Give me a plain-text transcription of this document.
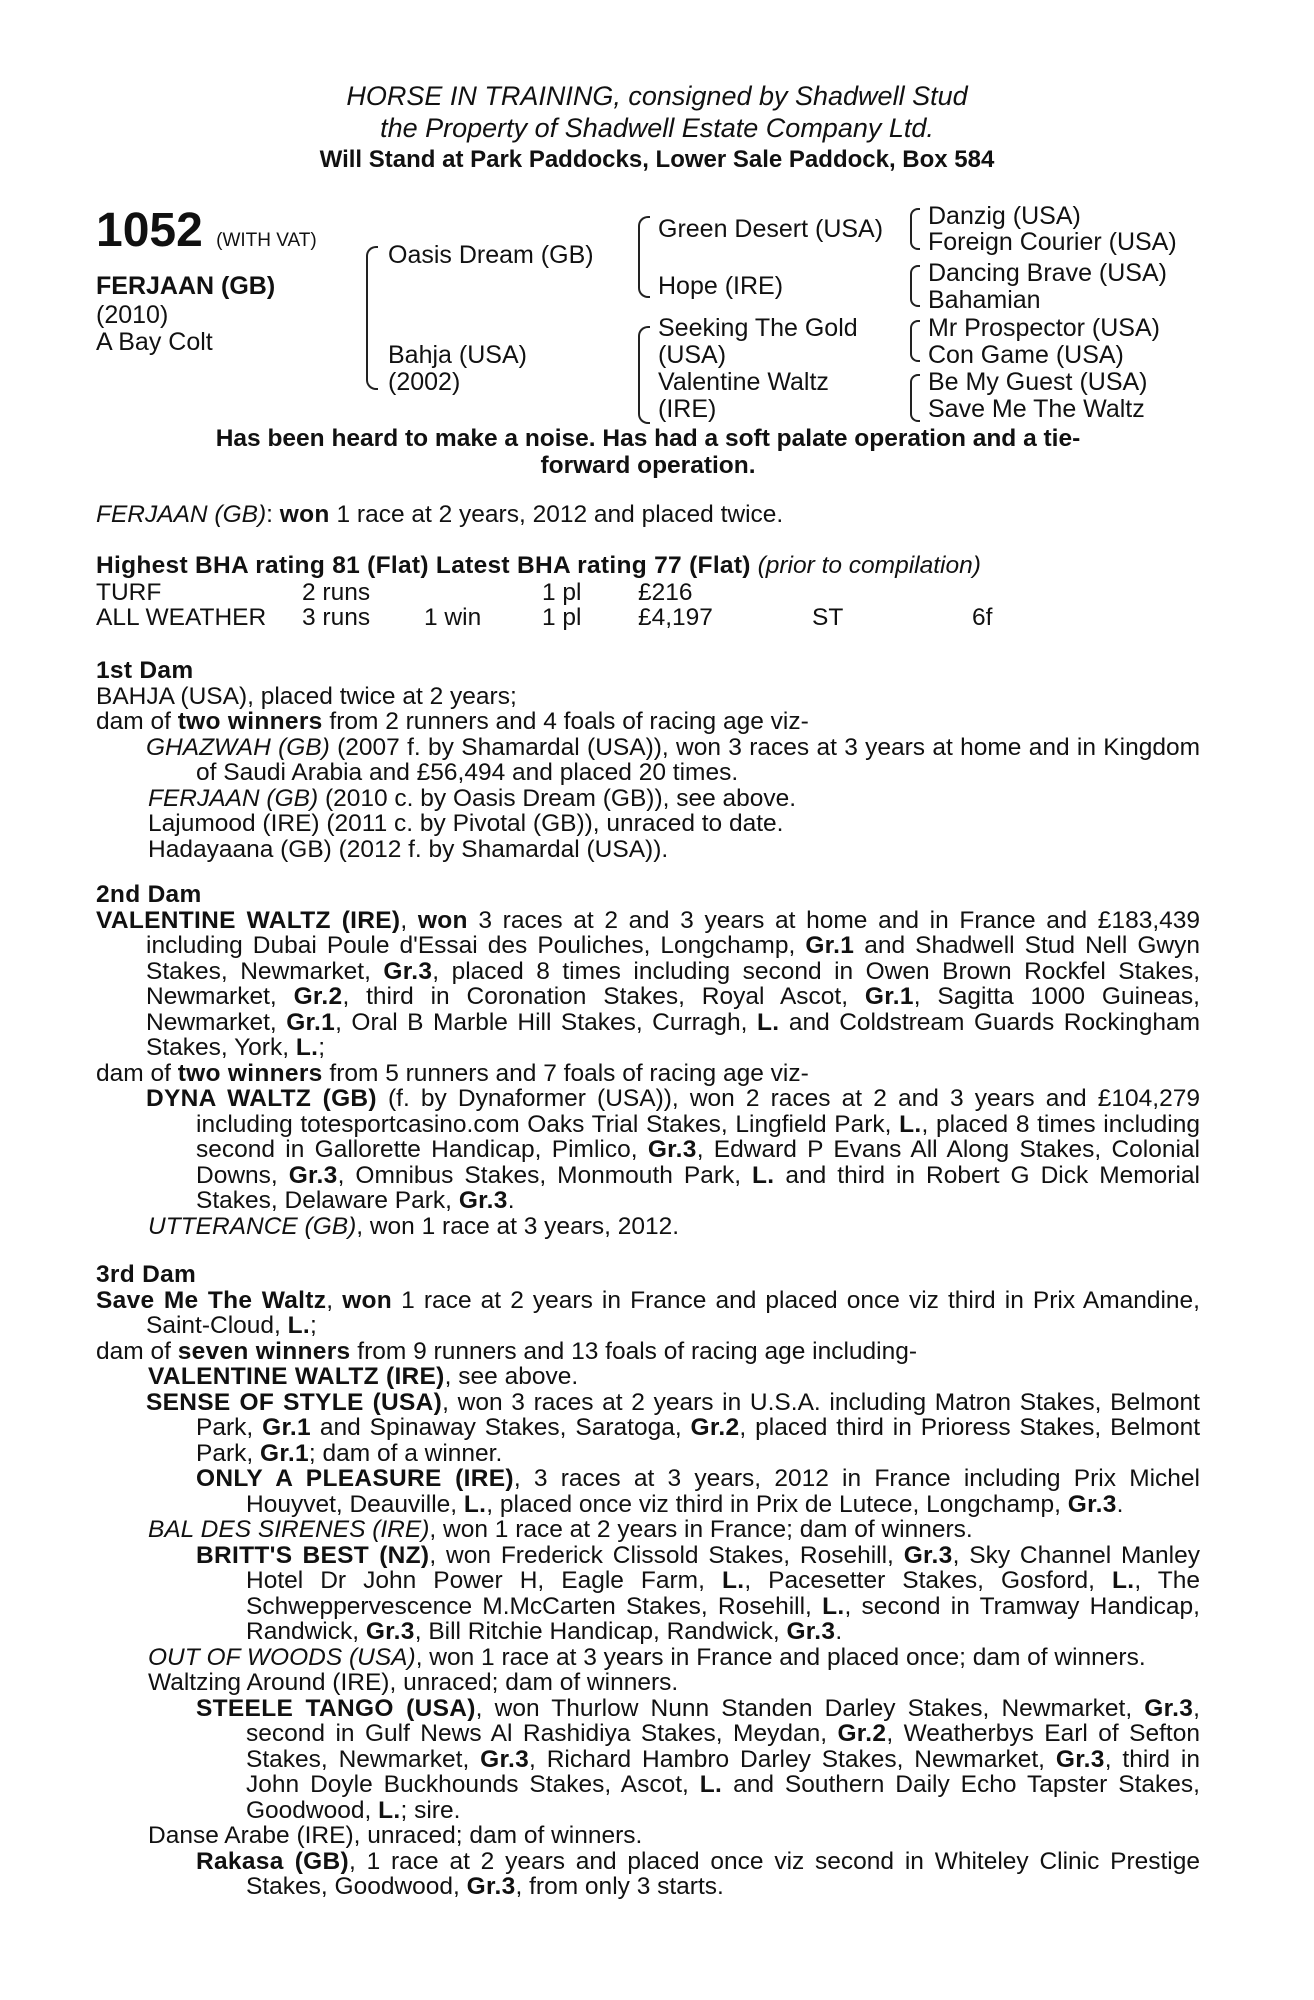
HORSE IN TRAINING, consigned by Shadwell Stud
the Property of Shadwell Estate Company Ltd.
Will Stand at Park Paddocks, Lower Sale Paddock, Box 584
1052 (WITH VAT)
FERJAAN (GB)
(2010)
A Bay Colt
Oasis Dream (GB)
Bahja (USA)
(2002)
Green Desert (USA)
Hope (IRE)
Seeking The Gold
(USA)
Valentine Waltz
(IRE)
Danzig (USA)
Foreign Courier (USA)
Dancing Brave (USA)
Bahamian
Mr Prospector (USA)
Con Game (USA)
Be My Guest (USA)
Save Me The Waltz
Has been heard to make a noise. Has had a soft palate operation and a tie-
forward operation.
FERJAAN (GB): won 1 race at 2 years, 2012 and placed twice.
Highest BHA rating 81 (Flat) Latest BHA rating 77 (Flat) (prior to compilation)
TURF	2 runs	1 pl £216
ALL WEATHER 3 runs 1 win 1 pl £4,197	ST	6f
1st Dam
BAHJA (USA), placed twice at 2 years;
dam of two winners from 2 runners and 4 foals of racing age viz-
GHAZWAH (GB) (2007 f. by Shamardal (USA)), won 3 races at 3 years at home and in Kingdom of Saudi Arabia and £56,494 and placed 20 times.
FERJAAN (GB) (2010 c. by Oasis Dream (GB)), see above.
Lajumood (IRE) (2011 c. by Pivotal (GB)), unraced to date.
Hadayaana (GB) (2012 f. by Shamardal (USA)).
2nd Dam
VALENTINE WALTZ (IRE), won 3 races at 2 and 3 years at home and in France and £183,439 including Dubai Poule d'Essai des Pouliches, Longchamp, Gr.1 and Shadwell Stud Nell Gwyn Stakes, Newmarket, Gr.3, placed 8 times including second in Owen Brown Rockfel Stakes, Newmarket, Gr.2, third in Coronation Stakes, Royal Ascot, Gr.1, Sagitta 1000 Guineas, Newmarket, Gr.1, Oral B Marble Hill Stakes, Curragh, L. and Coldstream Guards Rockingham Stakes, York, L.;
dam of two winners from 5 runners and 7 foals of racing age viz-
DYNA WALTZ (GB) (f. by Dynaformer (USA)), won 2 races at 2 and 3 years and £104,279 including totesportcasino.com Oaks Trial Stakes, Lingfield Park, L., placed 8 times including second in Gallorette Handicap, Pimlico, Gr.3, Edward P Evans All Along Stakes, Colonial Downs, Gr.3, Omnibus Stakes, Monmouth Park, L. and third in Robert G Dick Memorial Stakes, Delaware Park, Gr.3.
UTTERANCE (GB), won 1 race at 3 years, 2012.
3rd Dam
Save Me The Waltz, won 1 race at 2 years in France and placed once viz third in Prix Amandine, Saint-Cloud, L.;
dam of seven winners from 9 runners and 13 foals of racing age including-
VALENTINE WALTZ (IRE), see above.
SENSE OF STYLE (USA), won 3 races at 2 years in U.S.A. including Matron Stakes, Belmont Park, Gr.1 and Spinaway Stakes, Saratoga, Gr.2, placed third in Prioress Stakes, Belmont Park, Gr.1; dam of a winner.
ONLY A PLEASURE (IRE), 3 races at 3 years, 2012 in France including Prix Michel Houyvet, Deauville, L., placed once viz third in Prix de Lutece, Longchamp, Gr.3.
BAL DES SIRENES (IRE), won 1 race at 2 years in France; dam of winners.
BRITT'S BEST (NZ), won Frederick Clissold Stakes, Rosehill, Gr.3, Sky Channel Manley Hotel Dr John Power H, Eagle Farm, L., Pacesetter Stakes, Gosford, L., The Schweppervescence M.McCarten Stakes, Rosehill, L., second in Tramway Handicap, Randwick, Gr.3, Bill Ritchie Handicap, Randwick, Gr.3.
OUT OF WOODS (USA), won 1 race at 3 years in France and placed once; dam of winners.
Waltzing Around (IRE), unraced; dam of winners.
STEELE TANGO (USA), won Thurlow Nunn Standen Darley Stakes, Newmarket, Gr.3, second in Gulf News Al Rashidiya Stakes, Meydan, Gr.2, Weatherbys Earl of Sefton Stakes, Newmarket, Gr.3, Richard Hambro Darley Stakes, Newmarket, Gr.3, third in John Doyle Buckhounds Stakes, Ascot, L. and Southern Daily Echo Tapster Stakes, Goodwood, L.; sire.
Danse Arabe (IRE), unraced; dam of winners.
Rakasa (GB), 1 race at 2 years and placed once viz second in Whiteley Clinic Prestige Stakes, Goodwood, Gr.3, from only 3 starts.
